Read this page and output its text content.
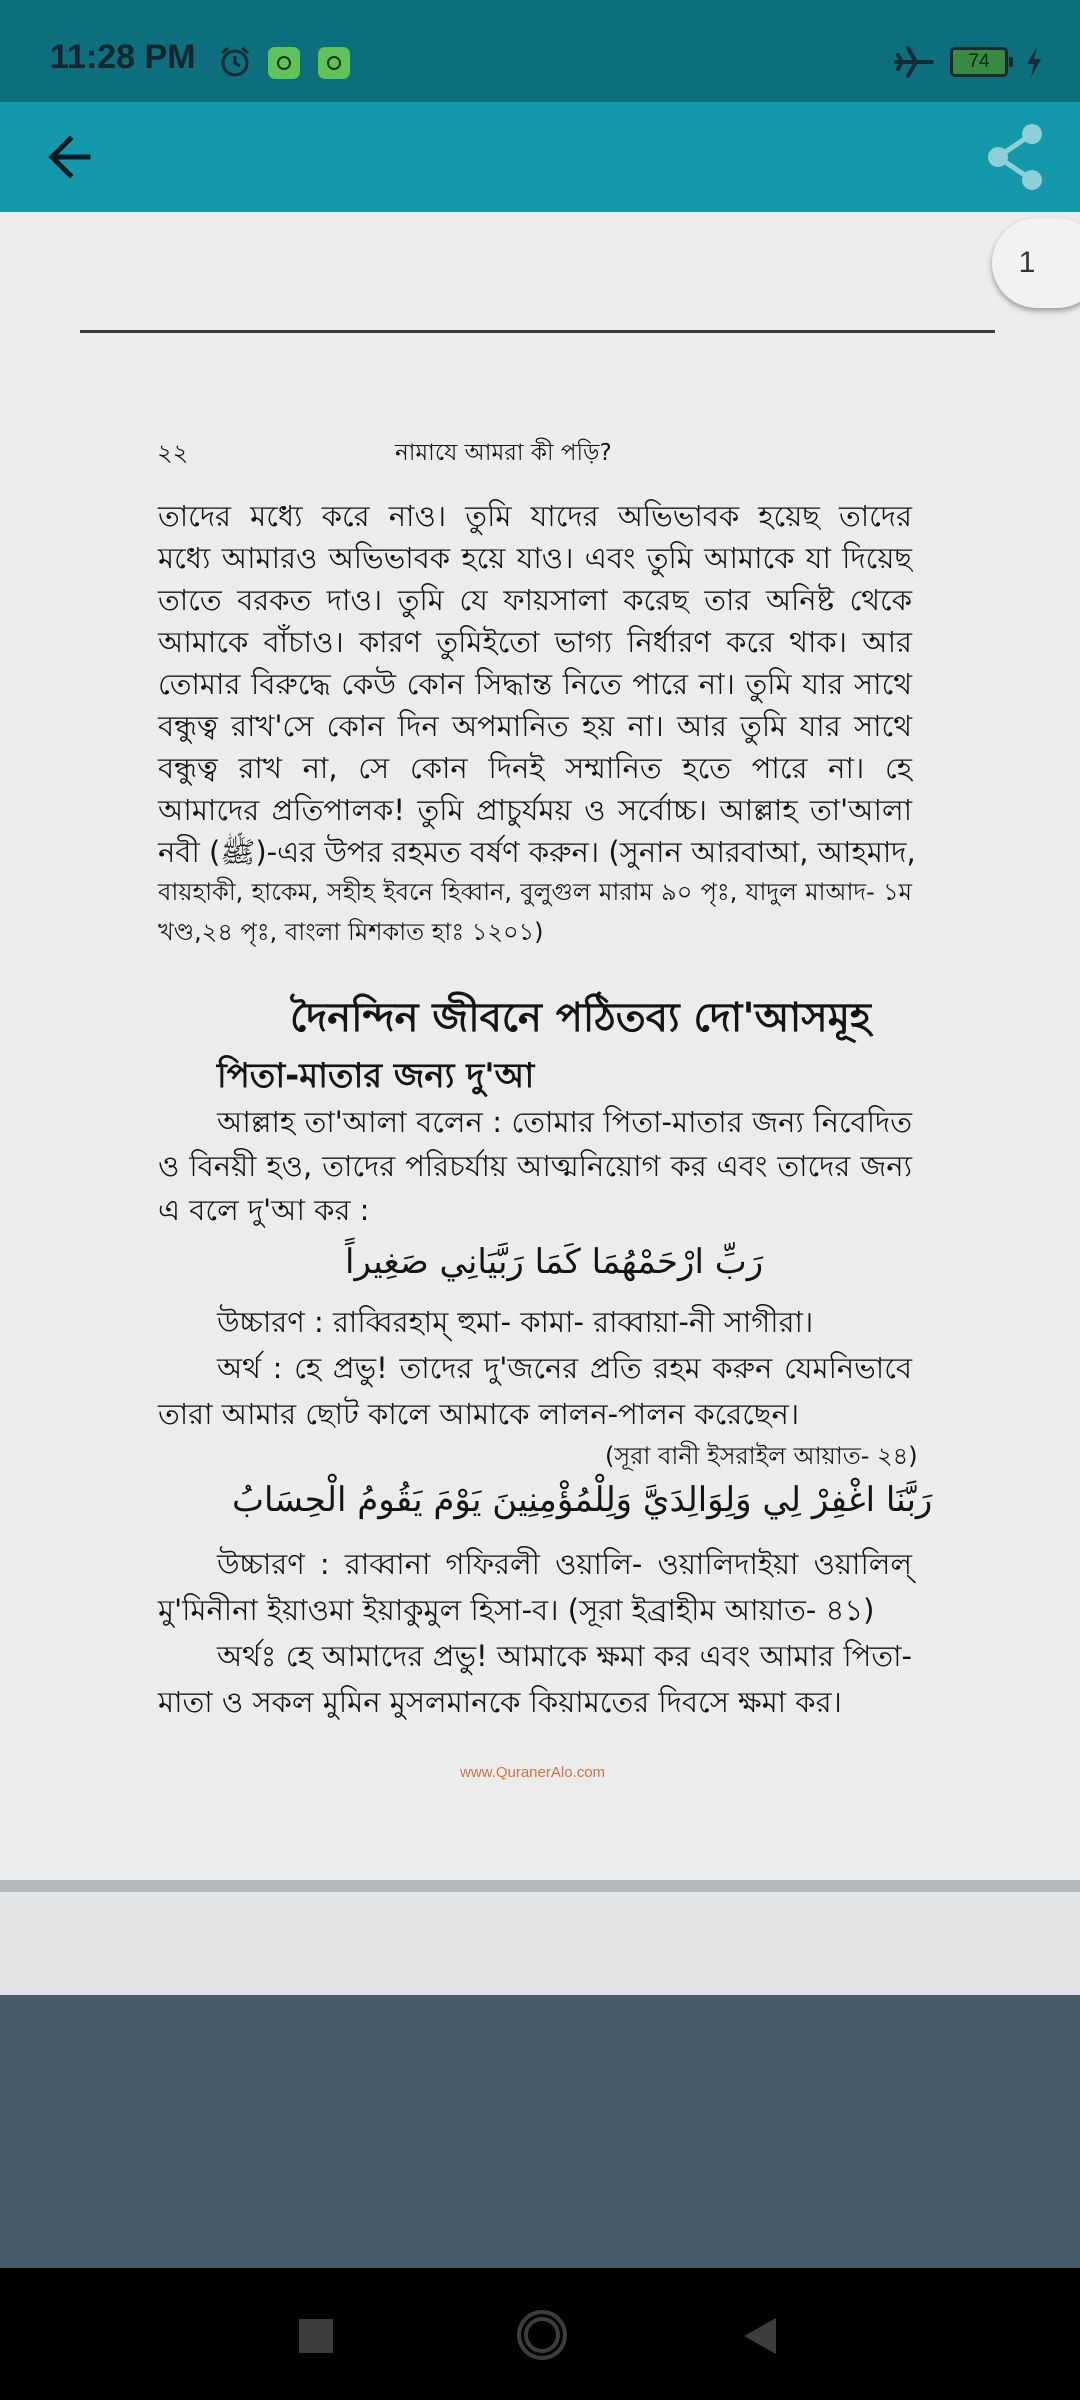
11:28 PM	74
২২	নামাযে আমরা কী পড়ি?
তাদের মধ্যে করে নাও। তুমি যাদের অভিভাবক হয়েছ তাদের
মধ্যে আমারও অভিভাবক হয়ে যাও। এবং তুমি আমাকে যা দিয়েছ
তাতে বরকত দাও। তুমি যে ফায়সালা করেছ তার অনিষ্ট থেকে
আমাকে বাঁচাও। কারণ তুমিইতো ভাগ্য নির্ধারণ করে থাক। আর
তোমার বিরুদ্ধে কেউ কোন সিদ্ধান্ত নিতে পারে না। তুমি যার সাথে
বন্ধুত্ব রাখ'সে কোন দিন অপমানিত হয় না। আর তুমি যার সাথে
বন্ধুত্ব রাখ না, সে কোন দিনই সম্মানিত হতে পারে না। হে
আমাদের প্রতিপালক! তুমি প্রাচুর্যময় ও সর্বোচ্চ। আল্লাহ তা'আলা
নবী (ﷺ)-এর উপর রহমত বর্ষণ করুন। (সুনান আরবাআ, আহমাদ,
বায়হাকী, হাকেম, সহীহ ইবনে হিব্বান, বুলুগুল মারাম ৯০ পৃঃ, যাদুল মাআদ- ১ম
খণ্ড,২৪ পৃঃ, বাংলা মিশকাত হাঃ ১২০১)
দৈনন্দিন জীবনে পঠিতব্য দো'আসমূহ
পিতা-মাতার জন্য দু'আ
আল্লাহ তা'আলা বলেন : তোমার পিতা-মাতার জন্য নিবেদিত
ও বিনয়ী হও, তাদের পরিচর্যায় আত্মনিয়োগ কর এবং তাদের জন্য
এ বলে দু'আ কর :
رَبِّ ارْحَمْهُمَا كَمَا رَبَّيَانِي صَغِيراً
উচ্চারণ : রাব্বিরহাম্ হুমা- কামা- রাব্বায়া-নী সাগীরা।
অর্থ : হে প্রভু! তাদের দু'জনের প্রতি রহম করুন যেমনিভাবে
তারা আমার ছোট কালে আমাকে লালন-পালন করেছেন।
(সূরা বানী ইসরাইল আয়াত- ২৪)
رَبَّنَا اغْفِرْ لِي وَلِوَالِدَيَّ وَلِلْمُؤْمِنِينَ يَوْمَ يَقُومُ الْحِسَابُ
উচ্চারণ : রাব্বানা গফিরলী ওয়ালি- ওয়ালিদাইয়া ওয়ালিল্
মু'মিনীনা ইয়াওমা ইয়াকুমুল হিসা-ব। (সূরা ইব্রাহীম আয়াত- ৪১)
অর্থঃ হে আমাদের প্রভু! আমাকে ক্ষমা কর এবং আমার পিতা-
মাতা ও সকল মুমিন মুসলমানকে কিয়ামতের দিবসে ক্ষমা কর।
www.QuranerAlo.com
1
